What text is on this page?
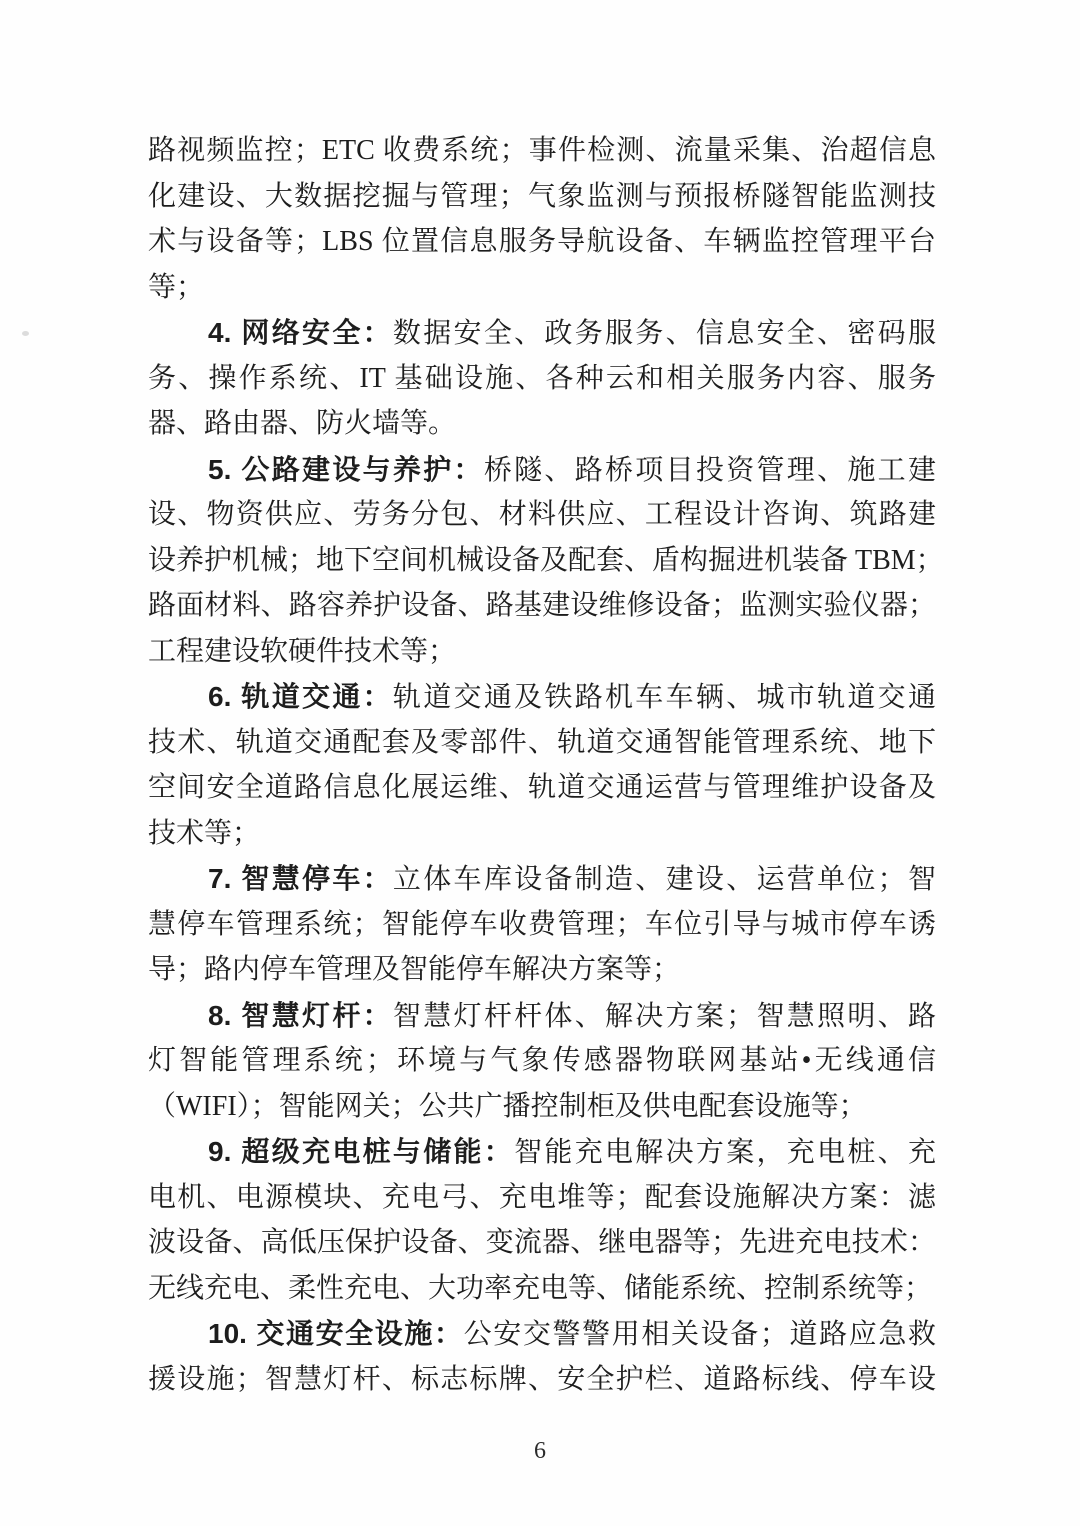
路视频监控；ETC 收费系统；事件检测、流量采集、治超信息
化建设、大数据挖掘与管理；气象监测与预报桥隧智能监测技
术与设备等；LBS 位置信息服务导航设备、车辆监控管理平台
等；
4. 网络安全：数据安全、政务服务、信息安全、密码服
务、操作系统、IT 基础设施、各种云和相关服务内容、服务
器、路由器、防火墙等。
5. 公路建设与养护：桥隧、路桥项目投资管理、施工建
设、物资供应、劳务分包、材料供应、工程设计咨询、筑路建
设养护机械；地下空间机械设备及配套、盾构掘进机装备 TBM；
路面材料、路容养护设备、路基建设维修设备；监测实验仪器；
工程建设软硬件技术等；
6. 轨道交通：轨道交通及铁路机车车辆、城市轨道交通
技术、轨道交通配套及零部件、轨道交通智能管理系统、地下
空间安全道路信息化展运维、轨道交通运营与管理维护设备及
技术等；
7. 智慧停车：立体车库设备制造、建设、运营单位；智
慧停车管理系统；智能停车收费管理；车位引导与城市停车诱
导；路内停车管理及智能停车解决方案等；
8. 智慧灯杆：智慧灯杆杆体、解决方案；智慧照明、路
灯智能管理系统；环境与气象传感器物联网基站•无线通信
（WIFI）；智能网关；公共广播控制柜及供电配套设施等；
9. 超级充电桩与储能：智能充电解决方案，充电桩、充
电机、电源模块、充电弓、充电堆等；配套设施解决方案：滤
波设备、高低压保护设备、变流器、继电器等；先进充电技术：
无线充电、柔性充电、大功率充电等、储能系统、控制系统等；
10. 交通安全设施：公安交警警用相关设备；道路应急救
援设施；智慧灯杆、标志标牌、安全护栏、道路标线、停车设
6
